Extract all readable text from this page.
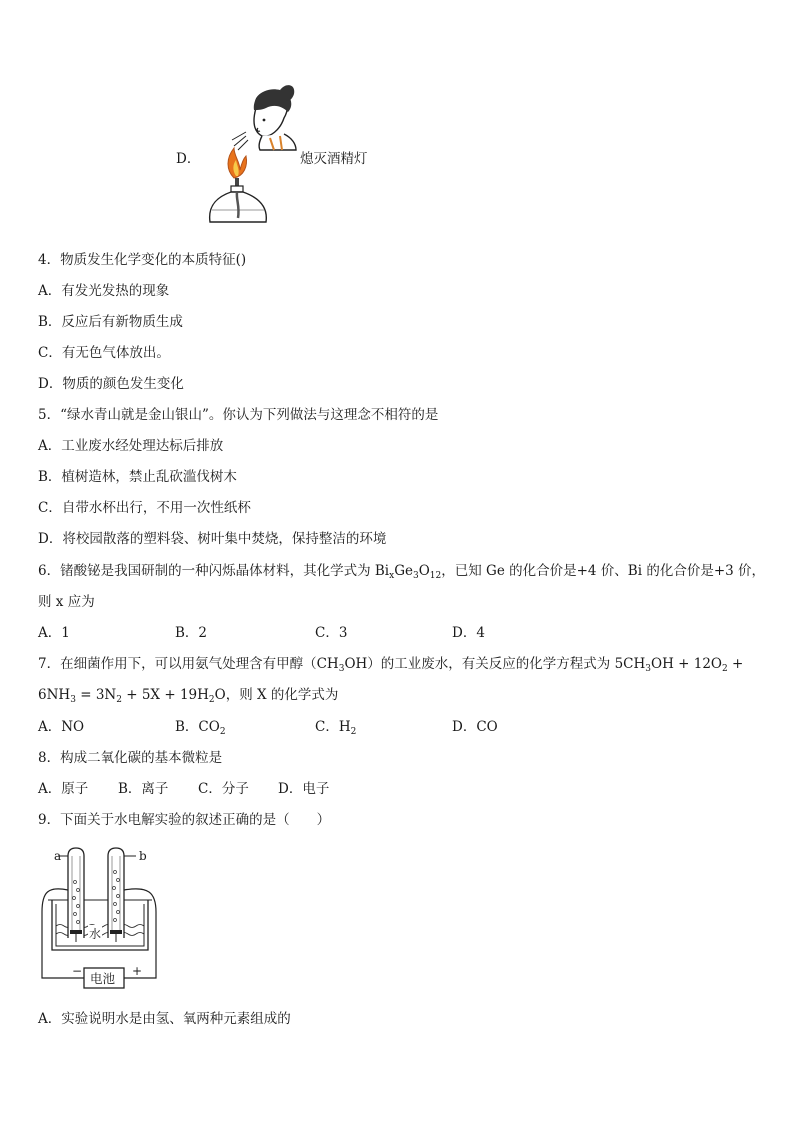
D．	熄灭酒精灯
4．物质发生化学变化的本质特征()
A．有发光发热的现象
B．反应后有新物质生成
C．有无色气体放出。
D．物质的颜色发生变化
5．“绿水青山就是金山银山”。你认为下列做法与这理念不相符的是
A．工业废水经处理达标后排放
B．植树造林，禁止乱砍滥伐树木
C．自带水杯出行，不用一次性纸杯
D．将校园散落的塑料袋、树叶集中焚烧，保持整洁的环境
6．锗酸铋是我国研制的一种闪烁晶体材料，其化学式为 $Bi_xGe_3O_{12}$，已知 Ge 的化合价是+4 价、Bi 的化合价是+3 价，
则 x 应为
A．1	B．2	C．3	D．4
7．在细菌作用下，可以用氨气处理含有甲醇$(CH_3OH)$的工业废水，有关反应的化学方程式为 $5CH_3OH + 12O_2$ +
$6NH_3 = 3N_2 + 5X + 19H_2O$，则 X 的化学式为
A．NO	B．$CO_2$	C．$H_2$	D．CO
8．构成二氧化碳的基本微粒是
A．原子 B．离子 C．分子 D．电子
9．下面关于水电解实验的叙述正确的是（　　）
a	b
水
电池
−	+
A．实验说明水是由氢、氧两种元素组成的
